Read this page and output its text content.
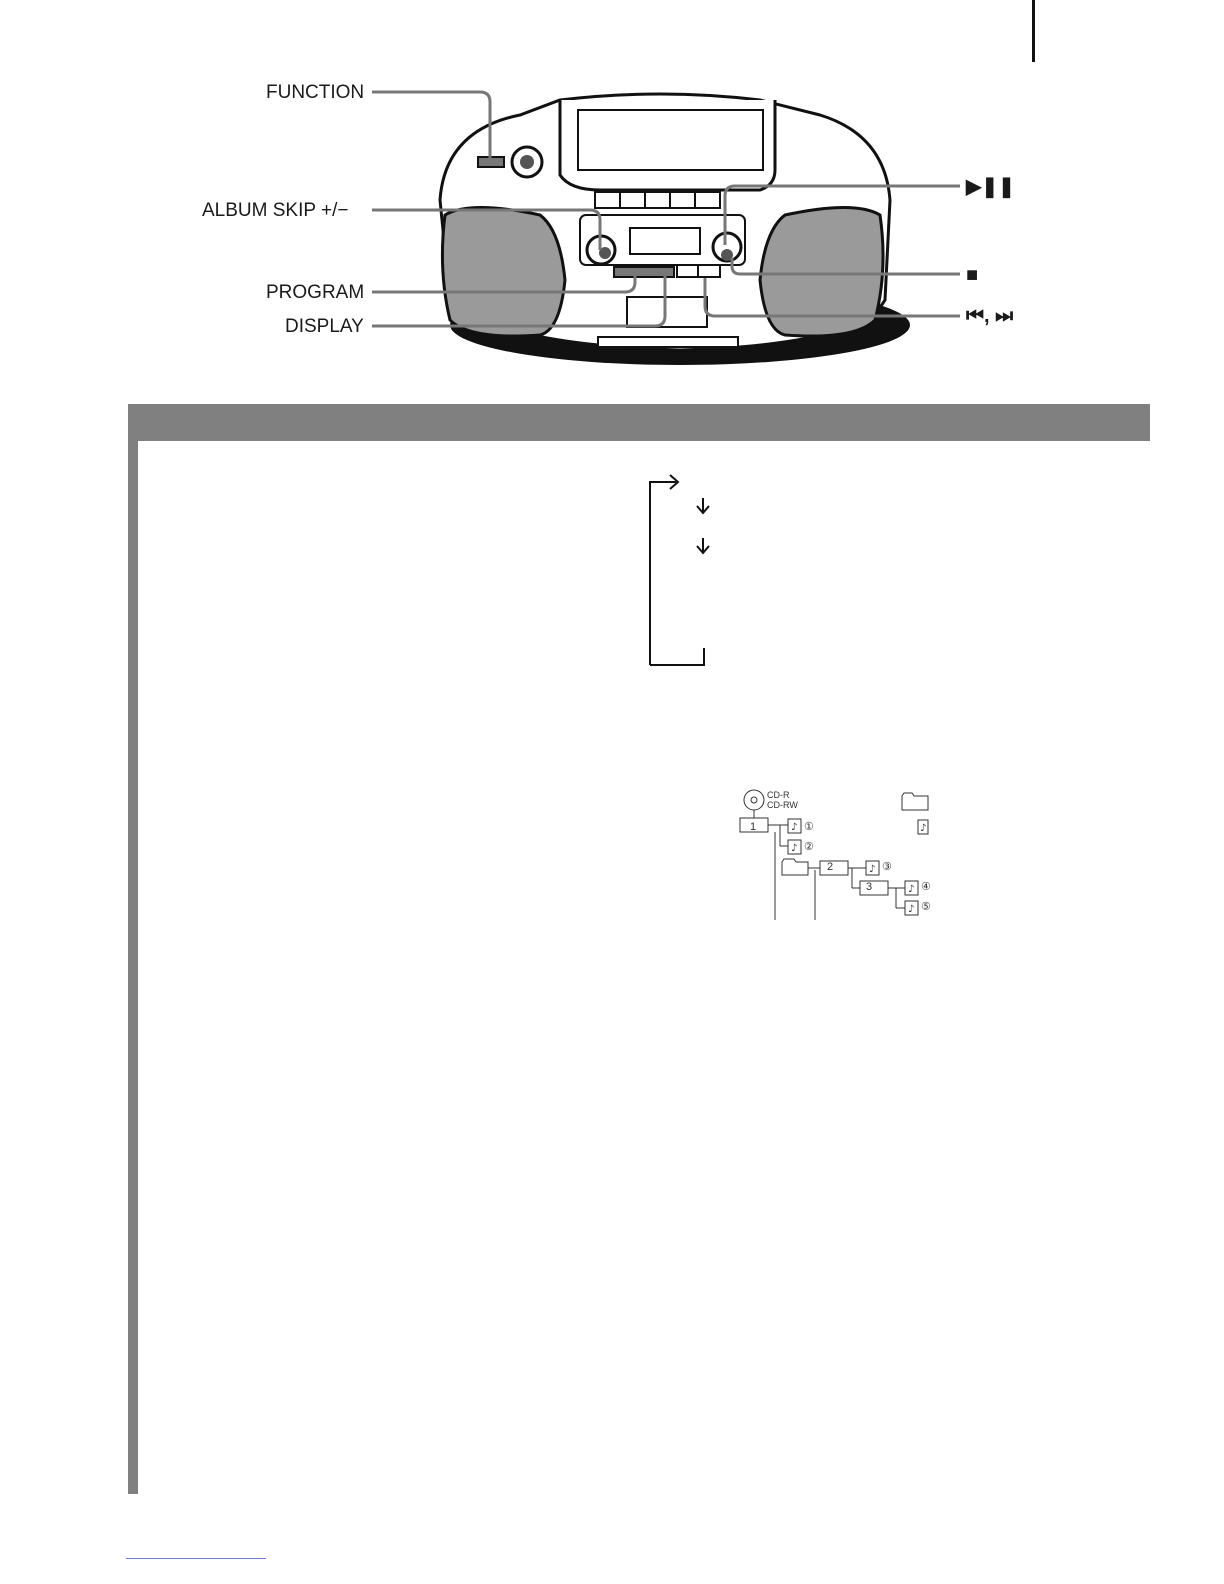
FUNCTION
ALBUM SKIP +/−
PROGRAM
DISPLAY
▶❚❚
■
⏮, ⏭
♪
♪
♪
♪
♪
♪
CD-R
CD-RW
1
2
3
①
②
③
④
⑤
